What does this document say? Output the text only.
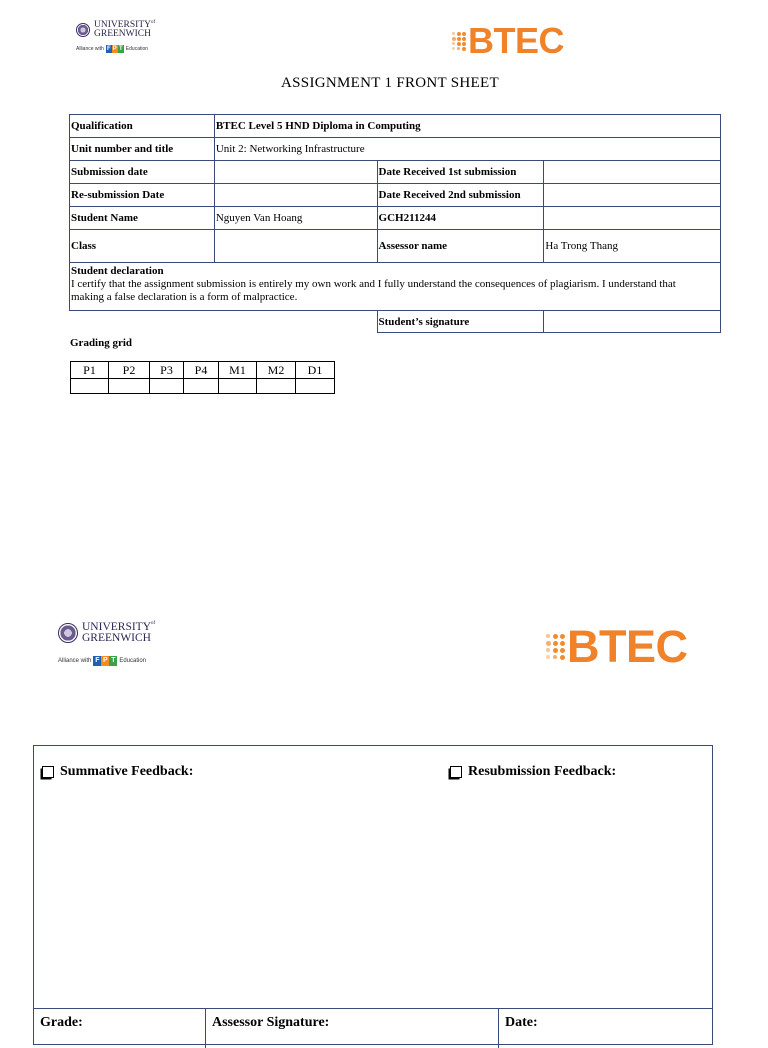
$UNIVERSITY^{of}$
GREENWICH
Alliance with F P T Education	BTEC
ASSIGNMENT 1 FRONT SHEET
Qualification	BTEC Level 5 HND Diploma in Computing		
Unit number and title	Unit 2: Networking Infrastructure		
Submission date		Date Received 1st submission	
Re-submission Date		Date Received 2nd submission	
Student Name	Nguyen Van Hoang	GCH211244	
Class		Assessor name	Ha Trong Thang

Student declaration
I certify that the assignment submission is entirely my own work and I fully understand the consequences of plagiarism. I understand that
making a false declaration is a form of malpractice.			

		Student’s signature	
Grading grid
P1	P2	P3	P4	M1	M2	D1

$UNIVERSITY^{of}$
GREENWICH
Alliance with F P T Education	BTEC
Summative Feedback:	Resubmission Feedback:
Grade:	Assessor Signature:	Date:
